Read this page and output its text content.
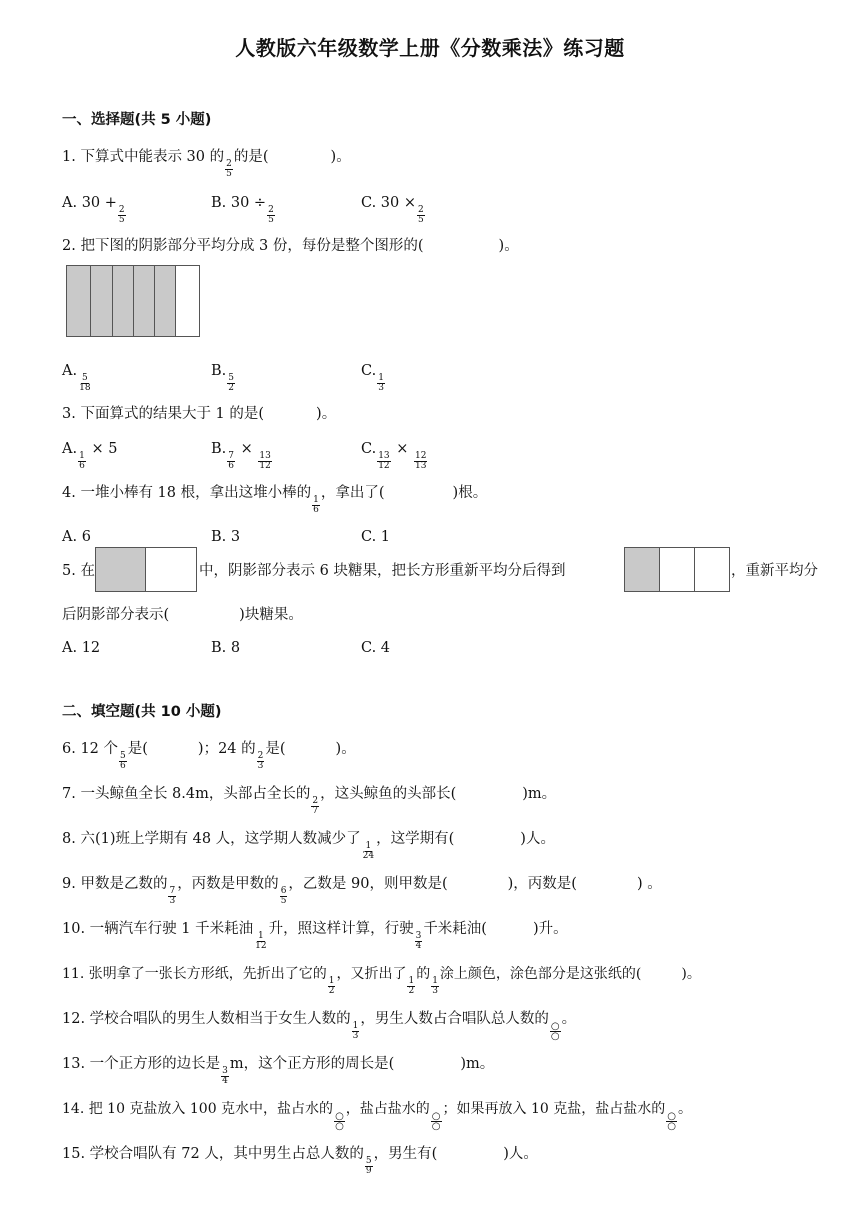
人教版六年级数学上册《分数乘法》练习题
一、选择题(共 5 小题)
1. 下算式中能表示 30 的
$\frac{2}{5}$
的是(	)。
A. 30 +
$\frac{2}{5}$
B. 30 ÷
$\frac{2}{5}$
C. 30 ×
$\frac{2}{5}$
2. 把下图的阴影部分平均分成 3 份，每份是整个图形的(	)。
A.
$\frac{5}{18}$
B.
$\frac{5}{2}$
C.
$\frac{1}{3}$
3. 下面算式的结果大于 1 的是(	)。
A.
$\frac{1}{6}$
× 5	B.
$\frac{7}{6}$
×
$\frac{13}{12}$
C.
$\frac{13}{12}$
×
$\frac{12}{13}$
4. 一堆小棒有 18 根，拿出这堆小棒的
$\frac{1}{6}$
，拿出了(	)根。
A. 6	B. 3	C. 1
5. 在	中，阴影部分表示 6 块糖果，把长方形重新平均分后得到	，重新平均分
后阴影部分表示(	)块糖果。
A. 12	B. 8	C. 4
二、填空题(共 10 小题)
6. 12 个
$\frac{5}{6}$
是(	)；24 的
$\frac{2}{3}$
是(	)。
7. 一头鲸鱼全长 8.4m，头部占全长的
$\frac{2}{7}$
，这头鲸鱼的头部长(	)m。
8. 六(1)班上学期有 48 人，这学期人数减少了
$\frac{1}{24}$
，这学期有(	)人。
9. 甲数是乙数的
$\frac{7}{3}$
，丙数是甲数的
$\frac{6}{5}$
，乙数是 90，则甲数是(	)，丙数是(	) 。
10. 一辆汽车行驶 1 千米耗油
$\frac{1}{12}$
升，照这样计算，行驶
$\frac{3}{4}$
千米耗油(	)升。
11. 张明拿了一张长方形纸，先折出了它的
$\frac{1}{2}$
，又折出了
$\frac{1}{2}$
的
$\frac{1}{3}$
涂上颜色，涂色部分是这张纸的(	)。
12. 学校合唱队的男生人数相当于女生人数的
$\frac{1}{3}$
，男生人数占合唱队总人数的
$\frac{○}{○}$
。
13. 一个正方形的边长是
$\frac{3}{4}$
m，这个正方形的周长是(	)m。
14. 把 10 克盐放入 100 克水中，盐占水的
$\frac{○}{○}$
，盐占盐水的
$\frac{○}{○}$
；如果再放入 10 克盐，盐占盐水的
$\frac{○}{○}$
。
15. 学校合唱队有 72 人，其中男生占总人数的
$\frac{5}{9}$
，男生有(	)人。
